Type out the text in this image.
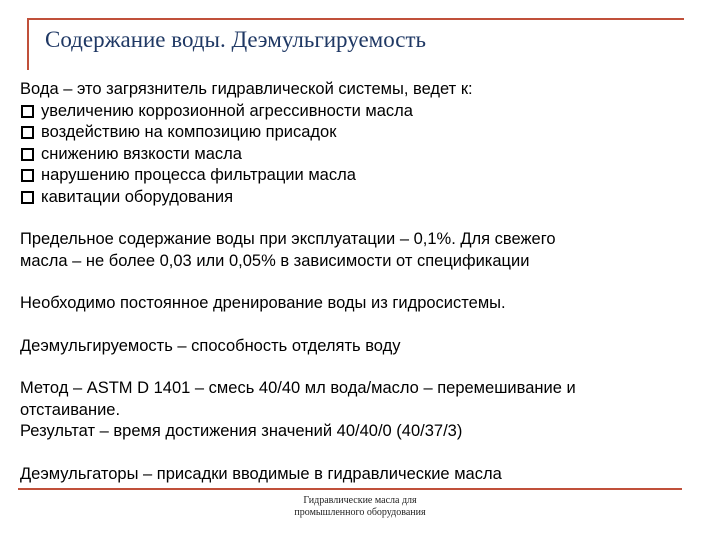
Содержание воды. Деэмульгируемость
Вода – это загрязнитель гидравлической системы, ведет к:
увеличению коррозионной агрессивности масла
воздействию на композицию присадок
снижению вязкости масла
нарушению процесса фильтрации масла
кавитации оборудования
Предельное содержание воды при эксплуатации – 0,1%. Для свежего
масла – не более 0,03 или 0,05% в зависимости от спецификации
Необходимо постоянное дренирование воды из гидросистемы.
Деэмульгируемость – способность отделять воду
Метод – ASTM D 1401 – смесь 40/40 мл вода/масло – перемешивание и
отстаивание.
Результат – время достижения значений 40/40/0 (40/37/3)
Деэмульгаторы – присадки вводимые в гидравлические масла
Гидравлические масла для
промышленного оборудования
